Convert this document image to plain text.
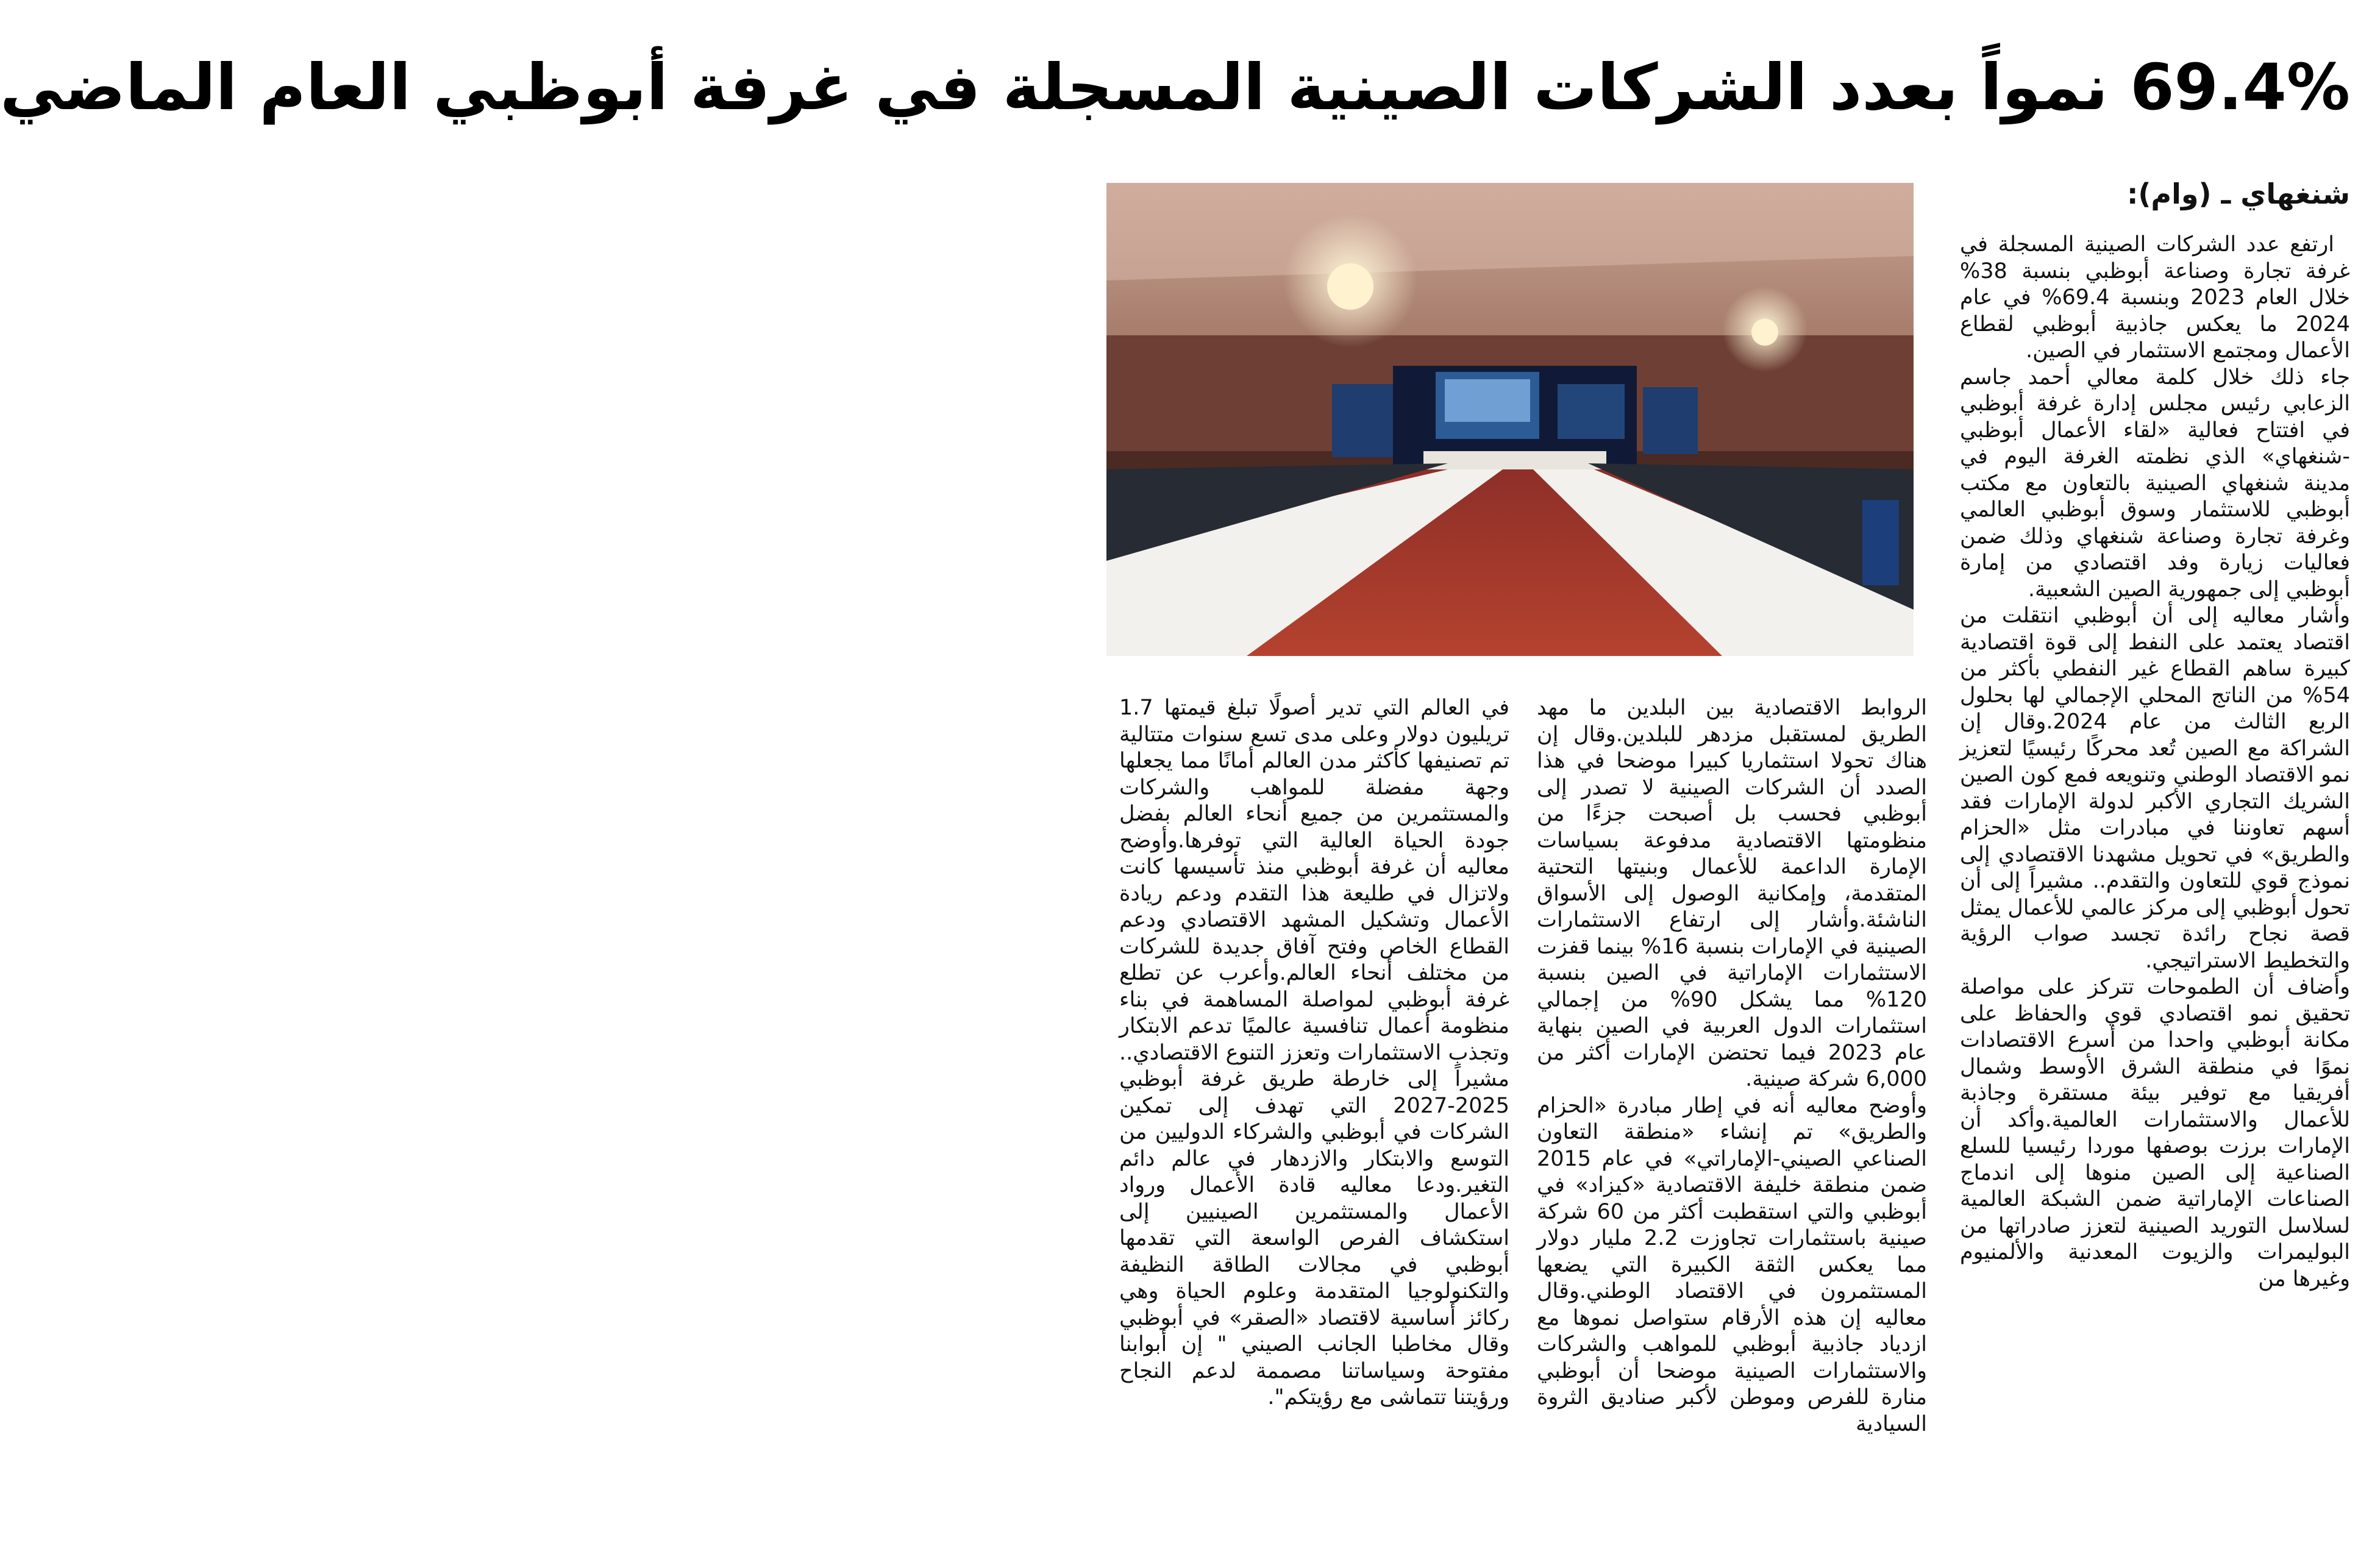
69.4% نمواً بعدد الشركات الصينية المسجلة في غرفة أبوظبي العام الماضي
شنغهاي ـ (وام):

ارتفع عدد الشركات الصينية المسجلة في غرفة تجارة وصناعة أبوظبي بنسبة 38% خلال العام 2023 وبنسبة 69.4% في عام 2024 ما يعكس جاذبية أبوظبي لقطاع الأعمال ومجتمع الاستثمار في الصين.

جاء ذلك خلال كلمة معالي أحمد جاسم الزعابي رئيس مجلس إدارة غرفة أبوظبي في افتتاح فعالية «لقاء الأعمال أبوظبي -شنغهاي» الذي نظمته الغرفة اليوم في مدينة شنغهاي الصينية بالتعاون مع مكتب أبوظبي للاستثمار وسوق أبوظبي العالمي وغرفة تجارة وصناعة شنغهاي وذلك ضمن فعاليات زيارة وفد اقتصادي من إمارة أبوظبي إلى جمهورية الصين الشعبية.

وأشار معاليه إلى أن أبوظبي انتقلت من اقتصاد يعتمد على النفط إلى قوة اقتصادية كبيرة ساهم القطاع غير النفطي بأكثر من 54% من الناتج المحلي الإجمالي لها بحلول الربع الثالث من عام 2024.وقال إن الشراكة مع الصين تُعد محركًا رئيسيًا لتعزيز نمو الاقتصاد الوطني وتنويعه فمع كون الصين الشريك التجاري الأكبر لدولة الإمارات فقد أسهم تعاوننا في مبادرات مثل «الحزام والطريق» في تحويل مشهدنا الاقتصادي إلى نموذج قوي للتعاون والتقدم.. مشيراً إلى أن تحول أبوظبي إلى مركز عالمي للأعمال يمثل قصة نجاح رائدة تجسد صواب الرؤية والتخطيط الاستراتيجي.

وأضاف أن الطموحات تتركز على مواصلة تحقيق نمو اقتصادي قوي والحفاظ على مكانة أبوظبي واحدا من أسرع الاقتصادات نموًا في منطقة الشرق الأوسط وشمال أفريقيا مع توفير بيئة مستقرة وجاذبة للأعمال والاستثمارات العالمية.وأكد أن الإمارات برزت بوصفها موردا رئيسيا للسلع الصناعية إلى الصين منوها إلى اندماج الصناعات الإماراتية ضمن الشبكة العالمية لسلاسل التوريد الصينية لتعزز صادراتها من البوليمرات والزيوت المعدنية والألمنيوم وغيرها من

الروابط الاقتصادية بين البلدين ما مهد الطريق لمستقبل مزدهر للبلدين.وقال إن هناك تحولا استثماريا كبيرا موضحا في هذا الصدد أن الشركات الصينية لا تصدر إلى أبوظبي فحسب بل أصبحت جزءًا من منظومتها الاقتصادية مدفوعة بسياسات الإمارة الداعمة للأعمال وبنيتها التحتية المتقدمة، وإمكانية الوصول إلى الأسواق الناشئة.وأشار إلى ارتفاع الاستثمارات الصينية في الإمارات بنسبة 16% بينما قفزت الاستثمارات الإماراتية في الصين بنسبة 120% مما يشكل 90% من إجمالي استثمارات الدول العربية في الصين بنهاية عام 2023 فيما تحتضن الإمارات أكثر من 6,000 شركة صينية.

وأوضح معاليه أنه في إطار مبادرة «الحزام والطريق» تم إنشاء «منطقة التعاون الصناعي الصيني-الإماراتي» في عام 2015 ضمن منطقة خليفة الاقتصادية «كيزاد» في أبوظبي والتي استقطبت أكثر من 60 شركة صينية باستثمارات تجاوزت 2.2 مليار دولار مما يعكس الثقة الكبيرة التي يضعها المستثمرون في الاقتصاد الوطني.وقال معاليه إن هذه الأرقام ستواصل نموها مع ازدياد جاذبية أبوظبي للمواهب والشركات والاستثمارات الصينية موضحا أن أبوظبي منارة للفرص وموطن لأكبر صناديق الثروة السيادية

في العالم التي تدير أصولًا تبلغ قيمتها 1.7 تريليون دولار وعلى مدى تسع سنوات متتالية تم تصنيفها كأكثر مدن العالم أمانًا مما يجعلها وجهة مفضلة للمواهب والشركات والمستثمرين من جميع أنحاء العالم بفضل جودة الحياة العالية التي توفرها.وأوضح معاليه أن غرفة أبوظبي منذ تأسيسها كانت ولاتزال في طليعة هذا التقدم ودعم ريادة الأعمال وتشكيل المشهد الاقتصادي ودعم القطاع الخاص وفتح آفاق جديدة للشركات من مختلف أنحاء العالم.وأعرب عن تطلع غرفة أبوظبي لمواصلة المساهمة في بناء منظومة أعمال تنافسية عالميًا تدعم الابتكار وتجذب الاستثمارات وتعزز التنوع الاقتصادي.. مشيراً إلى خارطة طريق غرفة أبوظبي 2025-2027 التي تهدف إلى تمكين الشركات في أبوظبي والشركاء الدوليين من التوسع والابتكار والازدهار في عالم دائم التغير.ودعا معاليه قادة الأعمال ورواد الأعمال والمستثمرين الصينيين إلى استكشاف الفرص الواسعة التي تقدمها أبوظبي في مجالات الطاقة النظيفة والتكنولوجيا المتقدمة وعلوم الحياة وهي ركائز أساسية لاقتصاد «الصقر» في أبوظبي وقال مخاطبا الجانب الصيني " إن أبوابنا مفتوحة وسياساتنا مصممة لدعم النجاح ورؤيتنا تتماشى مع رؤيتكم".
